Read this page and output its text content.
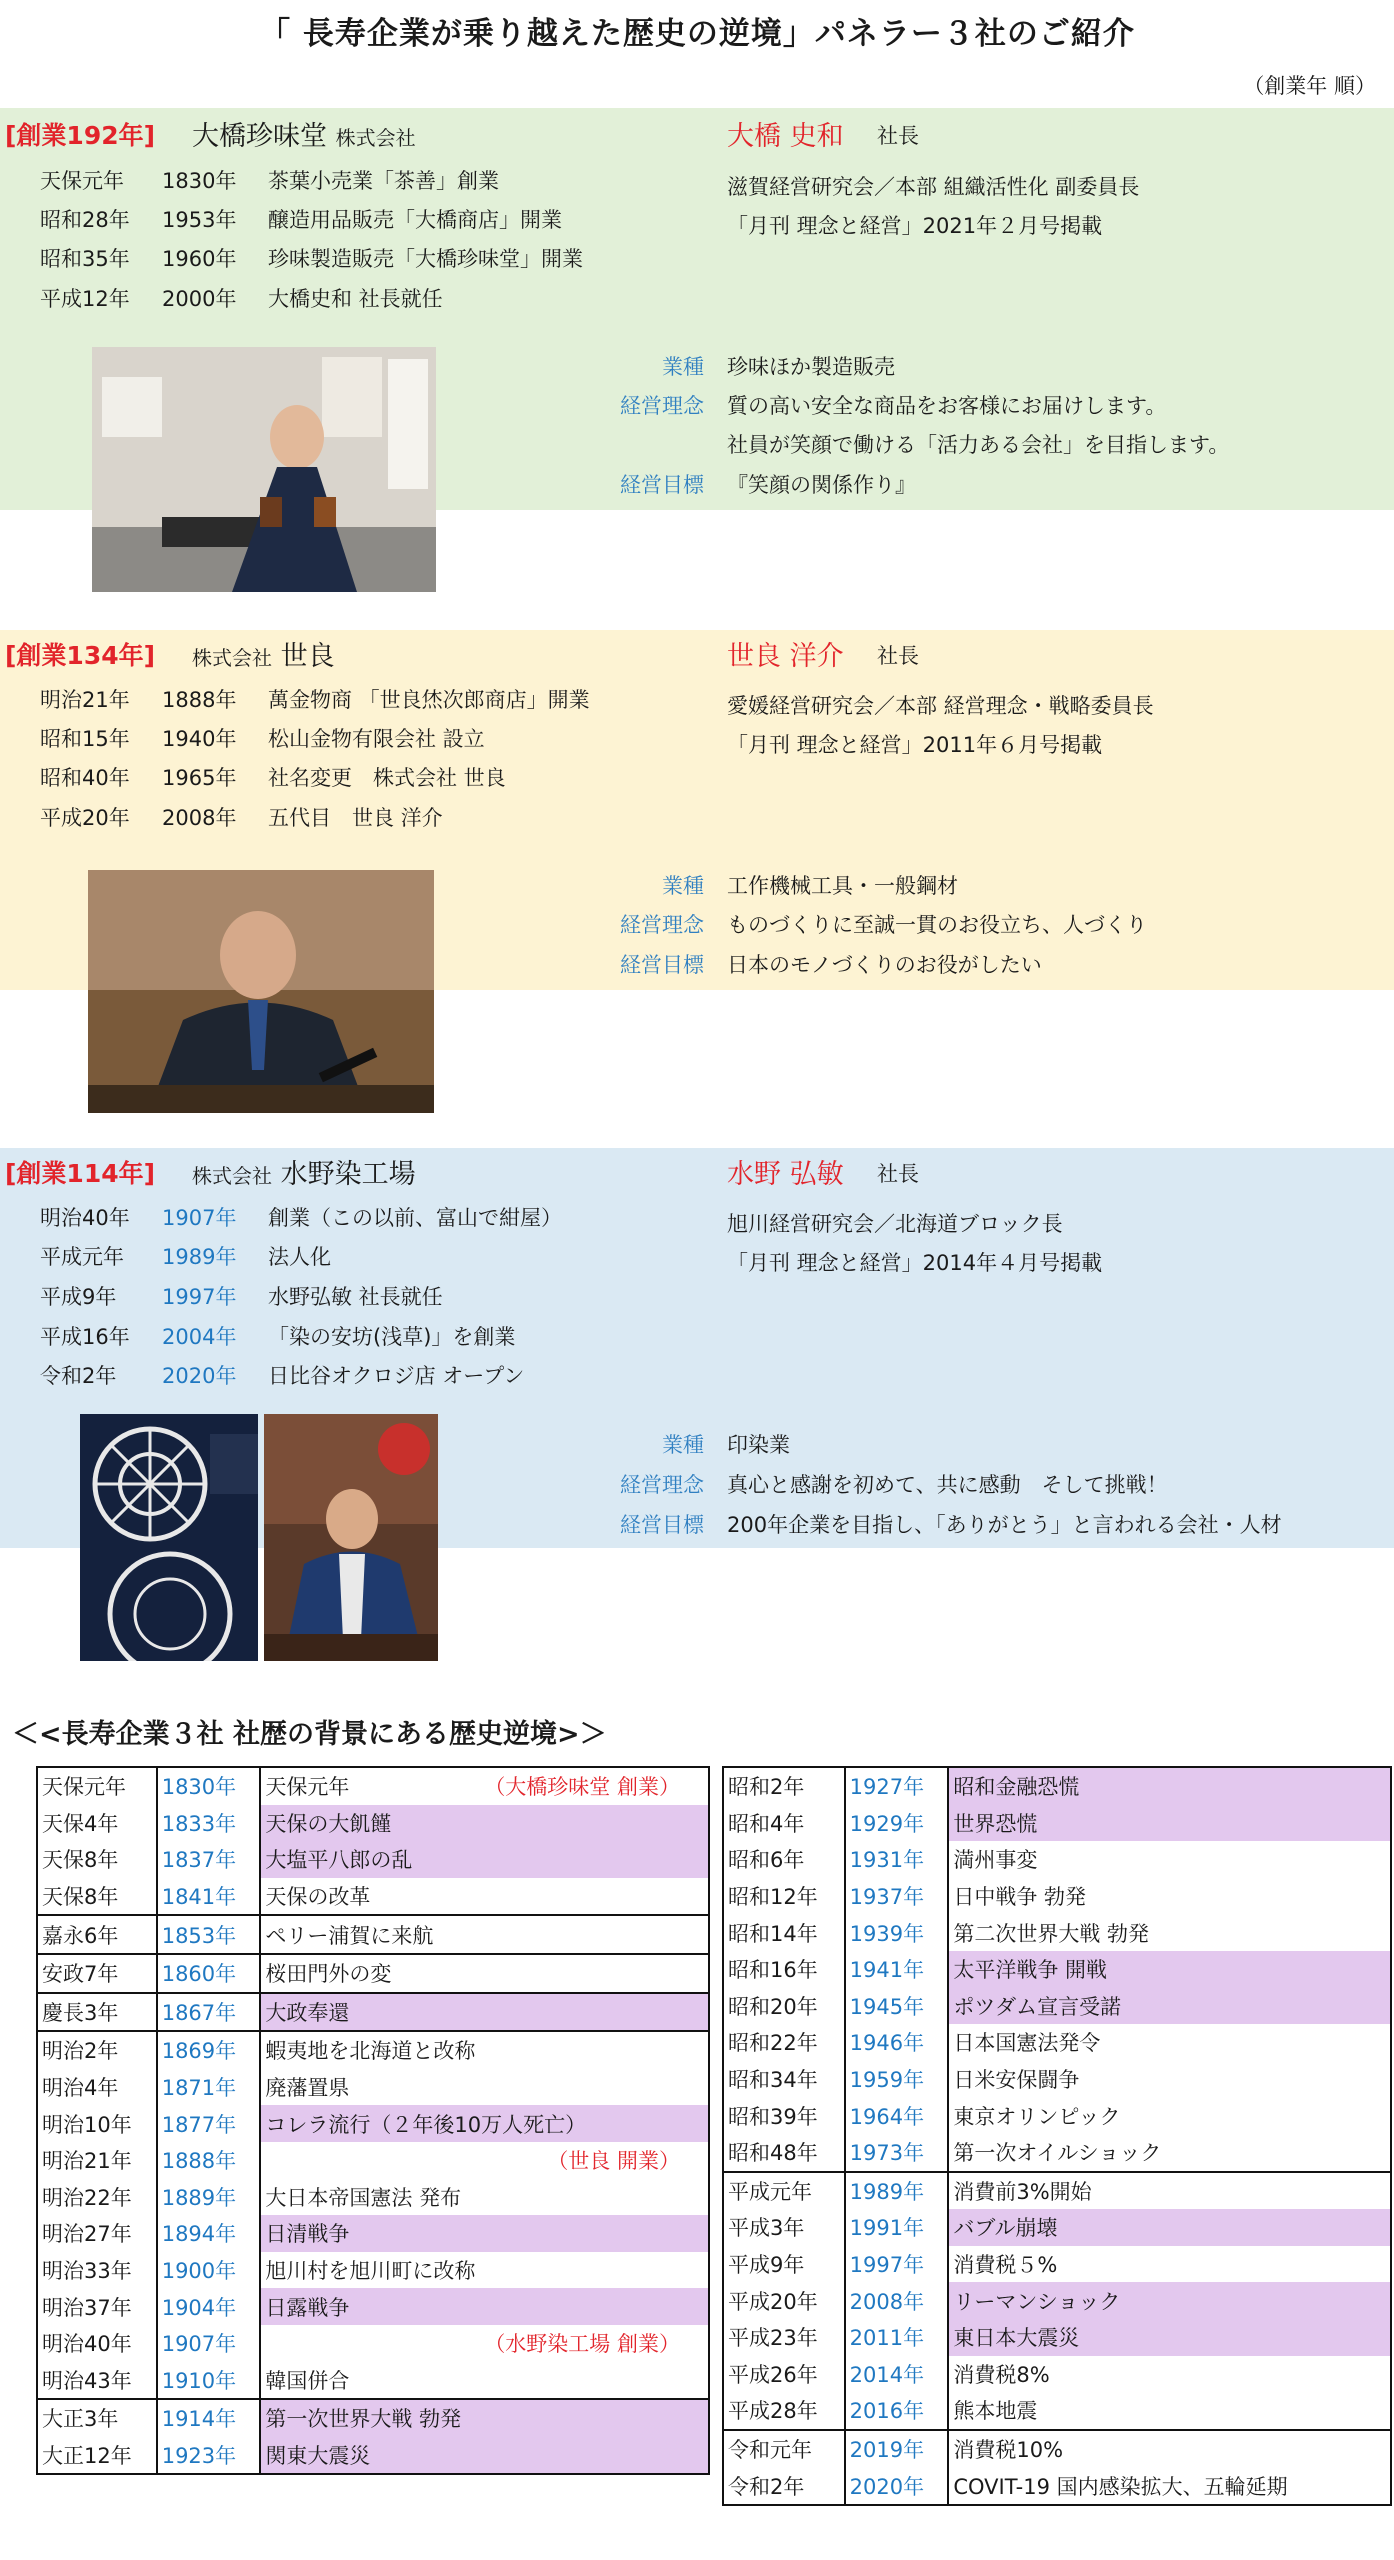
「 長寿企業が乗り越えた歴史の逆境」パネラー３社のご紹介
（創業年 順）
[創業192年] 大橋珍味堂 株式会社	大橋 史和 社長
天保元年 1830年 茶葉小売業「茶善」創業
昭和28年 1953年 醸造用品販売「大橋商店」開業
昭和35年 1960年 珍味製造販売「大橋珍味堂」開業
平成12年 2000年 大橋史和 社長就任
滋賀経営研究会／本部 組織活性化 副委員長
「月刊 理念と経営」2021年２月号掲載
業種 珍味ほか製造販売
経営理念 質の高い安全な商品をお客様にお届けします。
社員が笑顔で働ける「活力ある会社」を目指します。
経営目標 『笑顔の関係作り』
[創業134年] 株式会社 世良	世良 洋介 社長
明治21年 1888年 萬金物商 「世良烋次郎商店」開業
昭和15年 1940年 松山金物有限会社 設立
昭和40年 1965年 社名変更　株式会社 世良
平成20年 2008年 五代目　世良 洋介
愛媛経営研究会／本部 経営理念・戦略委員長
「月刊 理念と経営」2011年６月号掲載
業種 工作機械工具・一般鋼材
経営理念 ものづくりに至誠一貫のお役立ち、人づくり
経営目標 日本のモノづくりのお役がしたい
[創業114年] 株式会社 水野染工場	水野 弘敏 社長
明治40年 1907年 創業（この以前、富山で紺屋）
平成元年 1989年 法人化
平成9年 1997年 水野弘敏 社長就任
平成16年 2004年 「染の安坊(浅草)」を創業
令和2年 2020年 日比谷オクロジ店 オープン
旭川経営研究会／北海道ブロック長
「月刊 理念と経営」2014年４月号掲載
業種 印染業
経営理念 真心と感謝を初めて、共に感動　そして挑戦！
経営目標 200年企業を目指し、「ありがとう」と言われる会社・人材
＜<長寿企業３社 社歴の背景にある歴史逆境>＞
天保元年	1830年	天保元年 （大橋珍味堂 創業）

天保4年	1833年	天保の大飢饉
天保8年	1837年	大塩平八郎の乱
天保8年	1841年	天保の改革
嘉永6年	1853年	ペリー浦賀に来航
安政7年	1860年	桜田門外の変
慶長3年	1867年	大政奉還
明治2年	1869年	蝦夷地を北海道と改称
明治4年	1871年	廃藩置県
明治10年	1877年	コレラ流行（２年後10万人死亡）
明治21年	1888年	（世良 開業）

明治22年	1889年	大日本帝国憲法 発布
明治27年	1894年	日清戦争
明治33年	1900年	旭川村を旭川町に改称
明治37年	1904年	日露戦争
明治40年	1907年	（水野染工場 創業）

明治43年	1910年	韓国併合
大正3年	1914年	第一次世界大戦 勃発
大正12年	1923年	関東大震災
昭和2年	1927年	昭和金融恐慌
昭和4年	1929年	世界恐慌
昭和6年	1931年	満州事変
昭和12年	1937年	日中戦争 勃発
昭和14年	1939年	第二次世界大戦 勃発
昭和16年	1941年	太平洋戦争 開戦
昭和20年	1945年	ポツダム宣言受諾
昭和22年	1946年	日本国憲法発令
昭和34年	1959年	日米安保闘争
昭和39年	1964年	東京オリンピック
昭和48年	1973年	第一次オイルショック
平成元年	1989年	消費前3%開始
平成3年	1991年	バブル崩壊
平成9年	1997年	消費税５%
平成20年	2008年	リーマンショック
平成23年	2011年	東日本大震災
平成26年	2014年	消費税8%
平成28年	2016年	熊本地震
令和元年	2019年	消費税10%
令和2年	2020年	COVIT-19 国内感染拡大、五輪延期
